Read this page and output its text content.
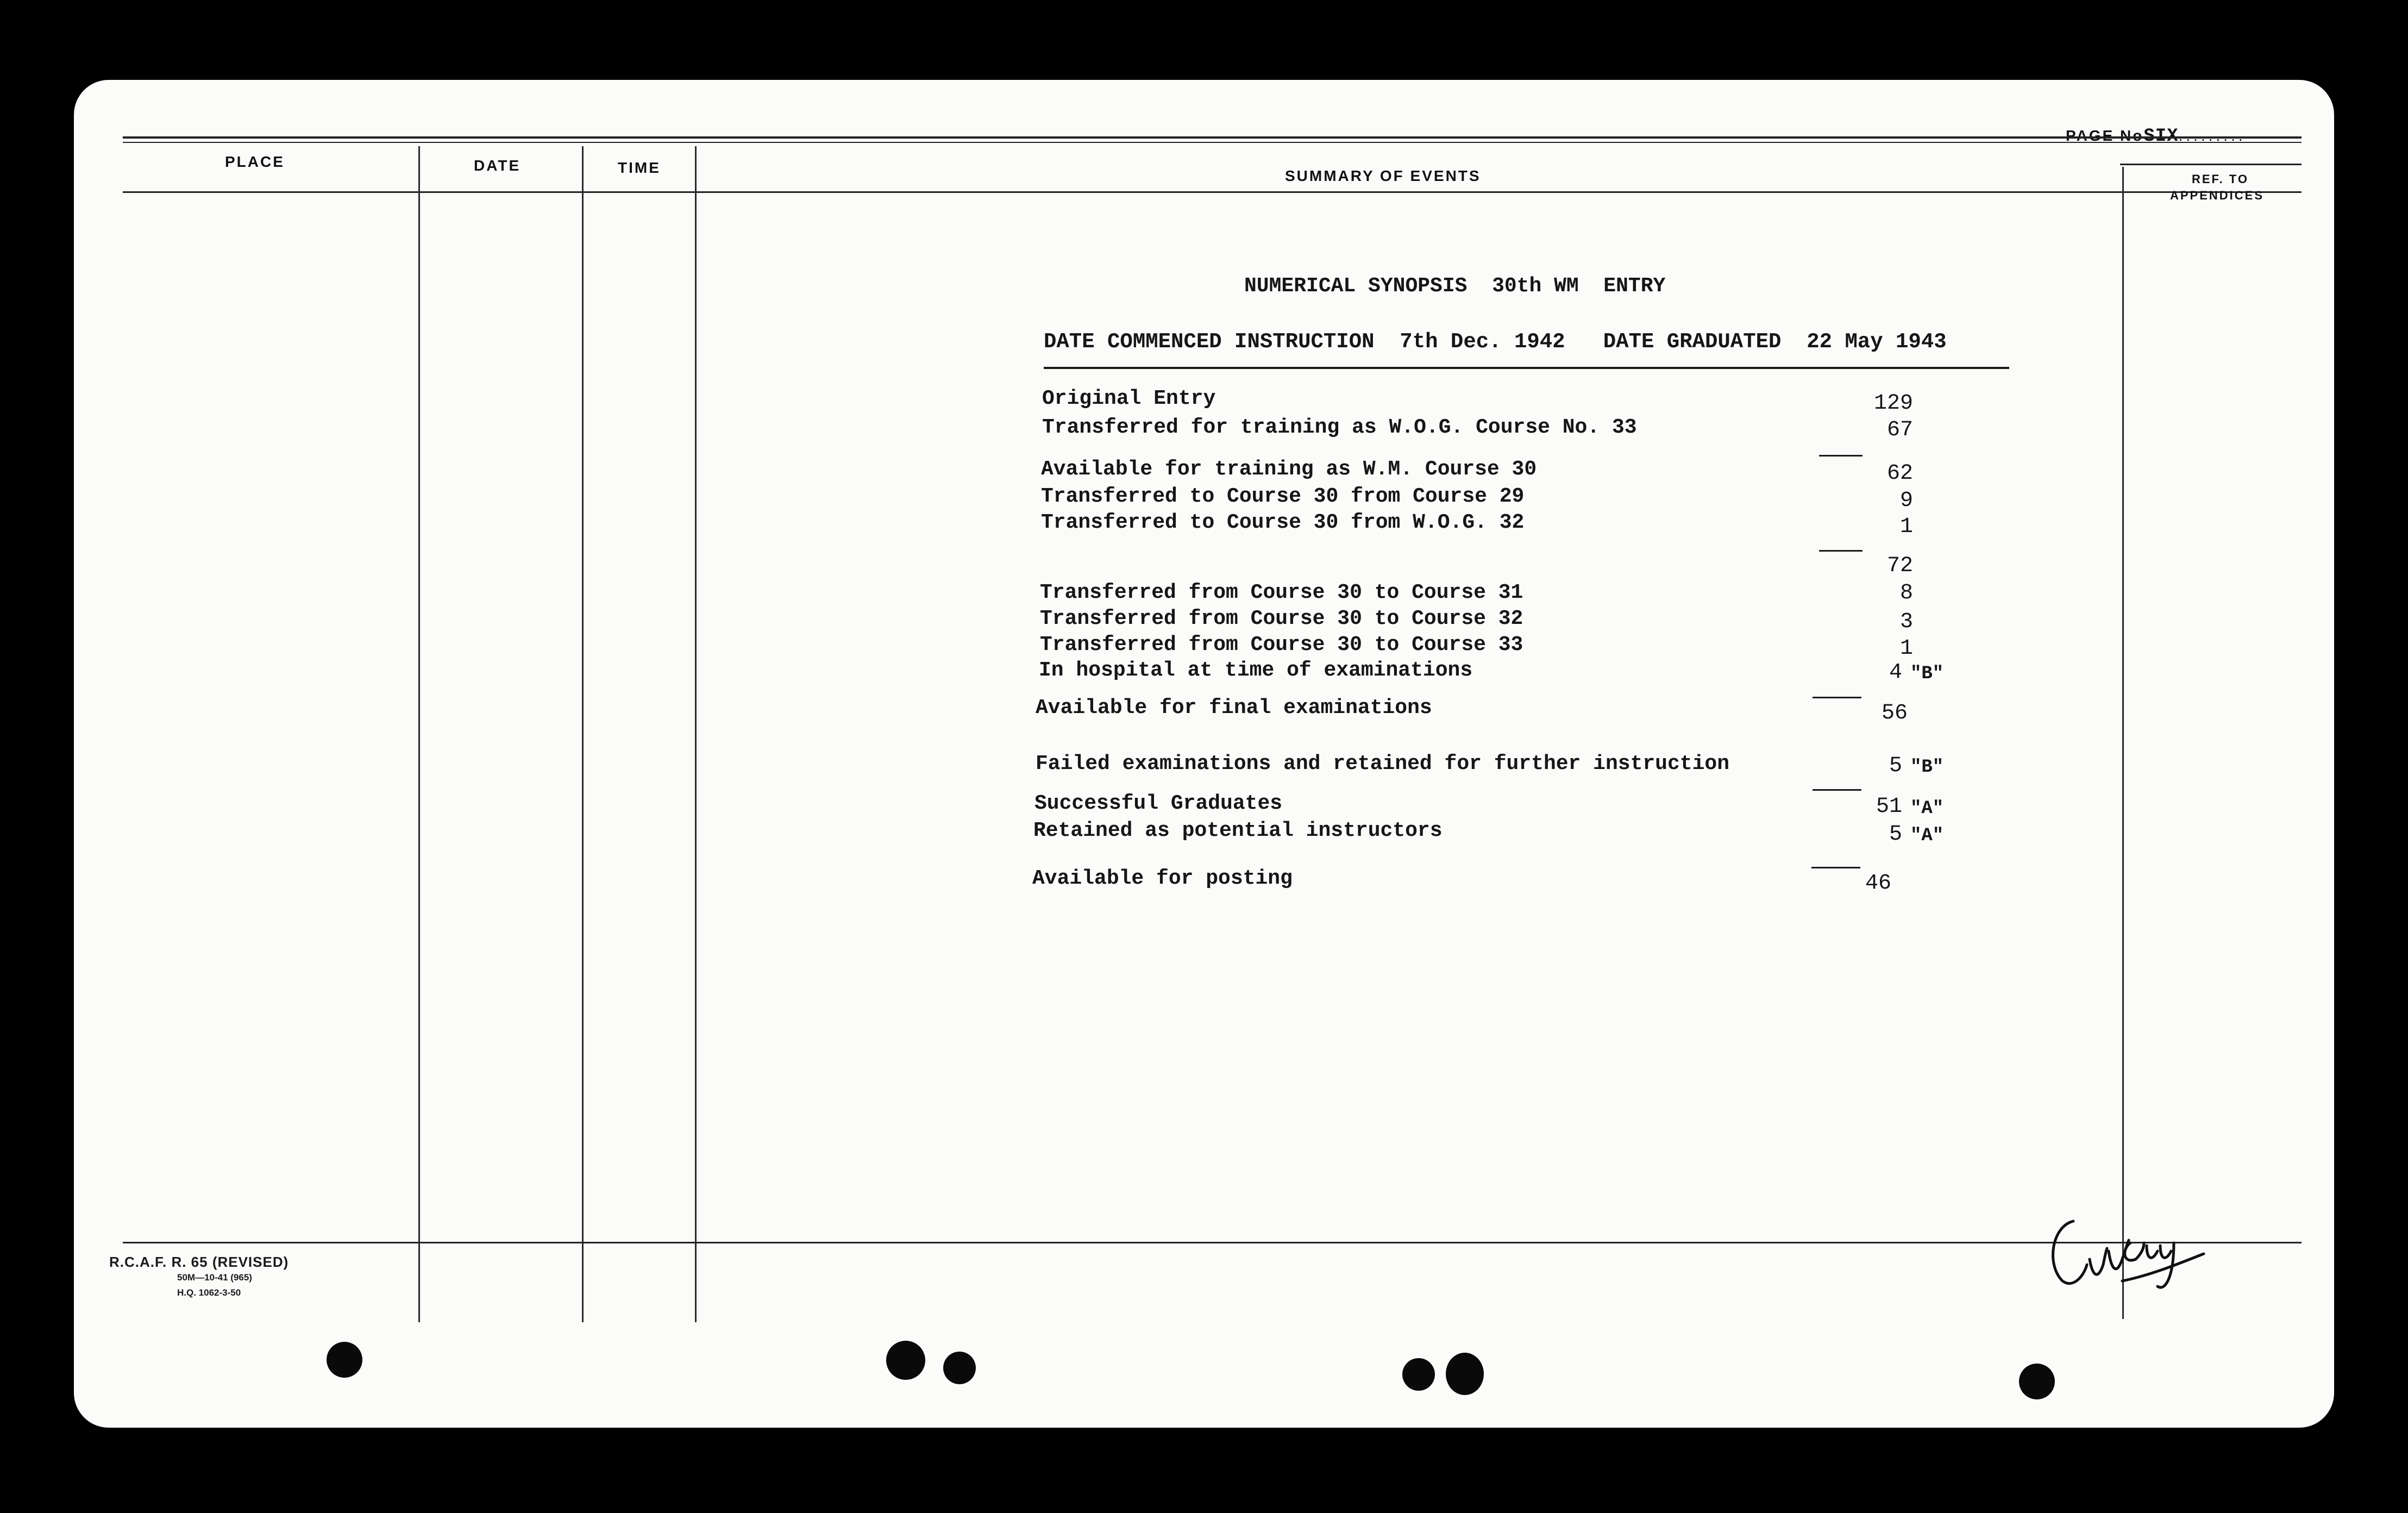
PAGE NoSIX.........
PLACE	DATE	TIME	SUMMARY OF EVENTS	REF. TO
APPENDICES
NUMERICAL SYNOPSIS  30th WM  ENTRY
DATE COMMENCED INSTRUCTION  7th Dec. 1942   DATE GRADUATED  22 May 1943
Original Entry	129
Transferred for training as W.O.G. Course No. 33	67
Available for training as W.M. Course 30	62
Transferred to Course 30 from Course 29	9
Transferred to Course 30 from W.O.G. 32	1
72
Transferred from Course 30 to Course 31	8
Transferred from Course 30 to Course 32	3
Transferred from Course 30 to Course 33	1
In hospital at time of examinations	4 "B"
Available for final examinations	56
Failed examinations and retained for further instruction	5 "B"
Successful Graduates	51 "A"
Retained as potential instructors	5 "A"
Available for posting	46
R.C.A.F. R. 65 (REVISED)
50M—10-41 (965)
H.Q. 1062-3-50
